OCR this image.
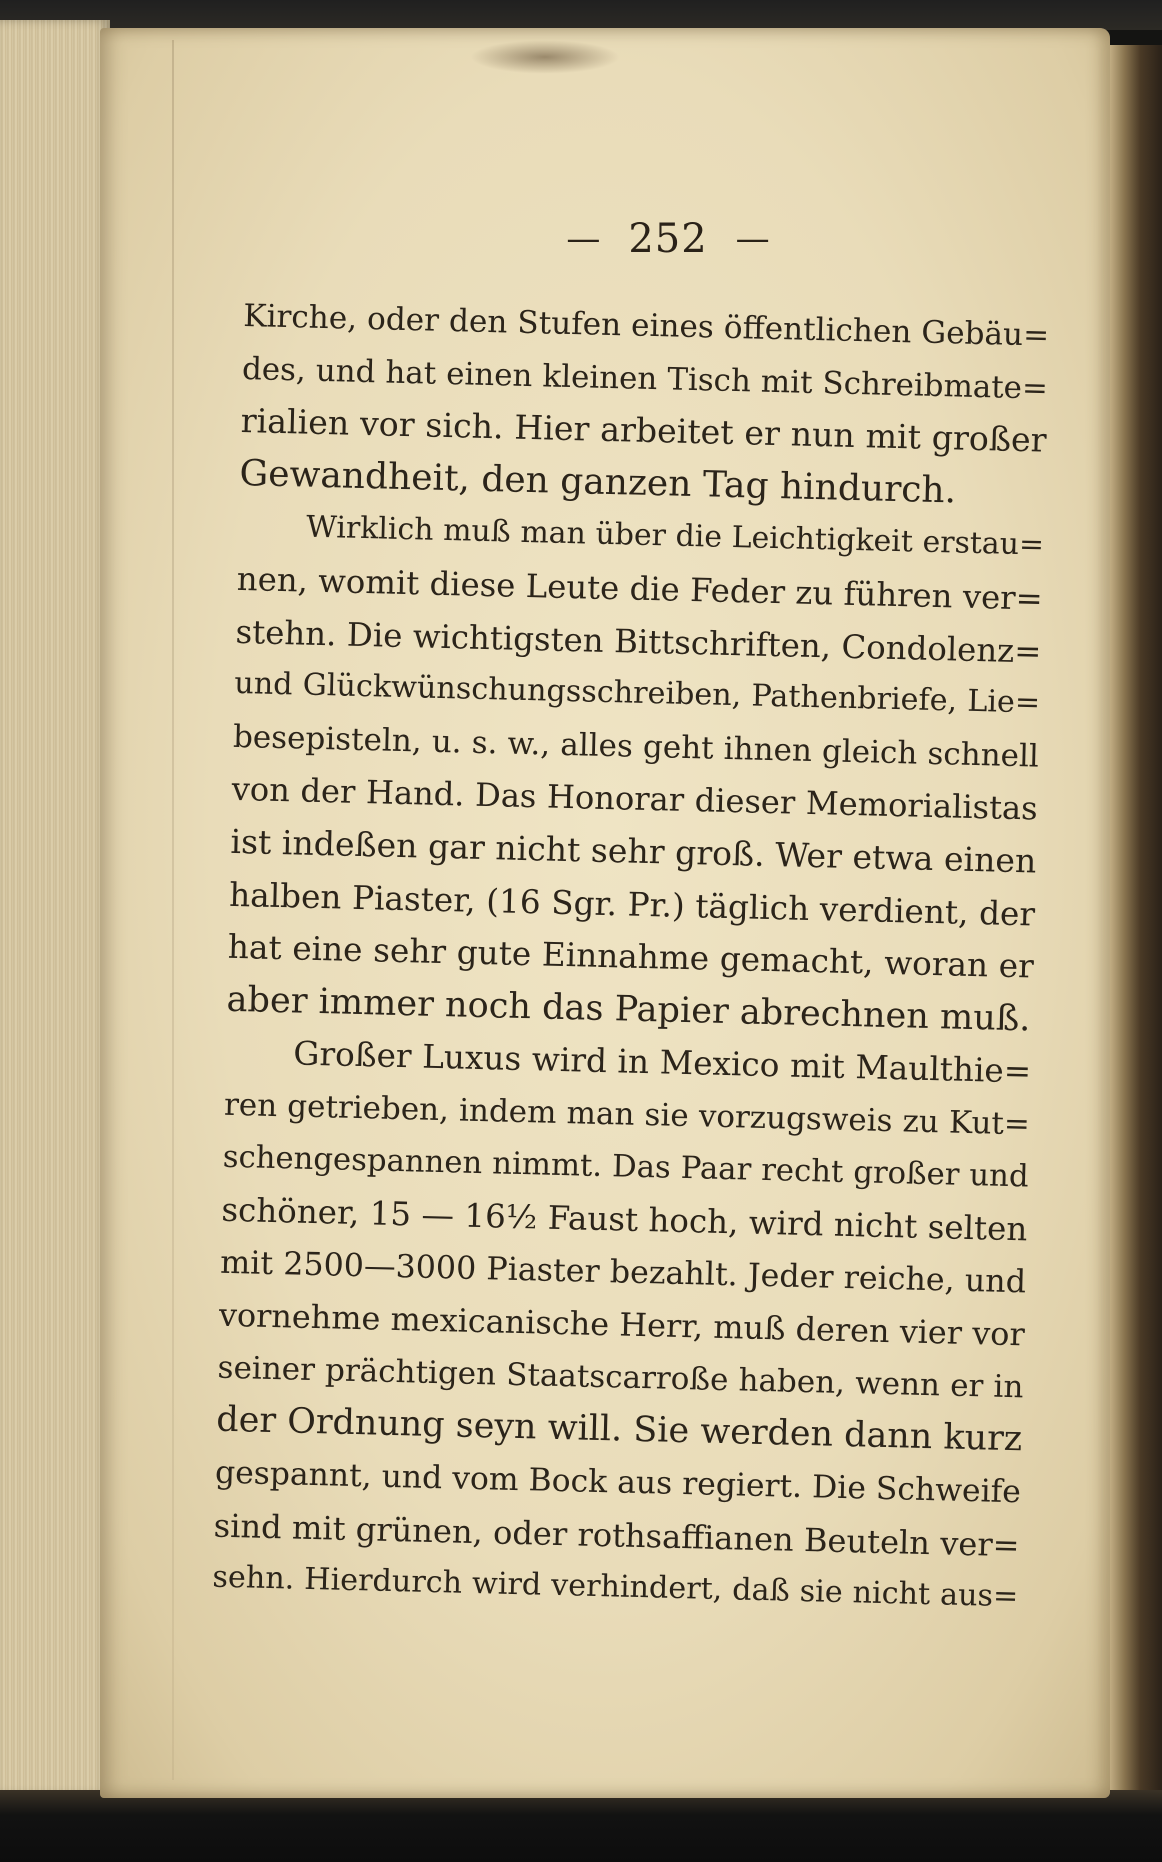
— 252 —
Kirche, oder den Stufen eines öffentlichen Gebäu=
des, und hat einen kleinen Tisch mit Schreibmate=
rialien vor sich. Hier arbeitet er nun mit großer
Gewandheit, den ganzen Tag hindurch.
Wirklich muß man über die Leichtigkeit erstau=
nen, womit diese Leute die Feder zu führen ver=
stehn. Die wichtigsten Bittschriften, Condolenz=
und Glückwünschungsschreiben, Pathenbriefe, Lie=
besepisteln, u. s. w., alles geht ihnen gleich schnell
von der Hand. Das Honorar dieser Memorialistas
ist indeßen gar nicht sehr groß. Wer etwa einen
halben Piaster, (16 Sgr. Pr.) täglich verdient, der
hat eine sehr gute Einnahme gemacht, woran er
aber immer noch das Papier abrechnen muß.
Großer Luxus wird in Mexico mit Maulthie=
ren getrieben, indem man sie vorzugsweis zu Kut=
schengespannen nimmt. Das Paar recht großer und
schöner, 15 — 16½ Faust hoch, wird nicht selten
mit 2500—3000 Piaster bezahlt. Jeder reiche, und
vornehme mexicanische Herr, muß deren vier vor
seiner prächtigen Staatscarroße haben, wenn er in
der Ordnung seyn will. Sie werden dann kurz
gespannt, und vom Bock aus regiert. Die Schweife
sind mit grünen, oder rothsaffianen Beuteln ver=
sehn. Hierdurch wird verhindert, daß sie nicht aus=
